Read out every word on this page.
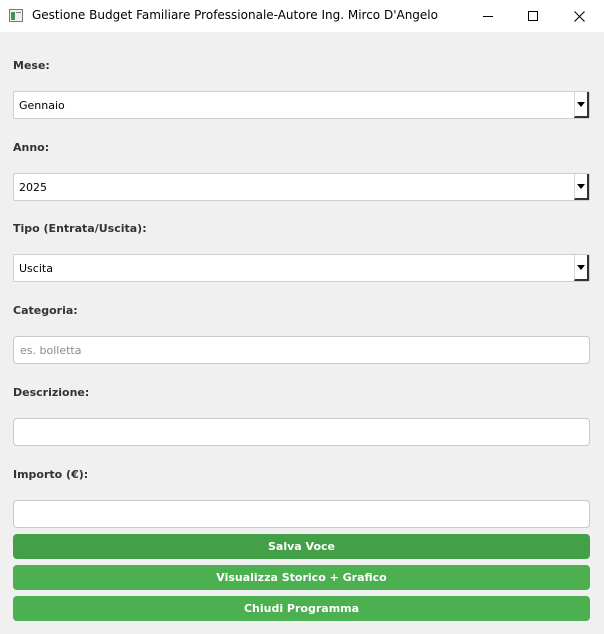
Gestione Budget Familiare Professionale-Autore Ing. Mirco D'Angelo
Mese:
Gennaio
Anno:
2025
Tipo (Entrata/Uscita):
Uscita
Categoria:
es. bolletta
Descrizione:
Importo (€):
Salva Voce
Visualizza Storico + Grafico
Chiudi Programma
